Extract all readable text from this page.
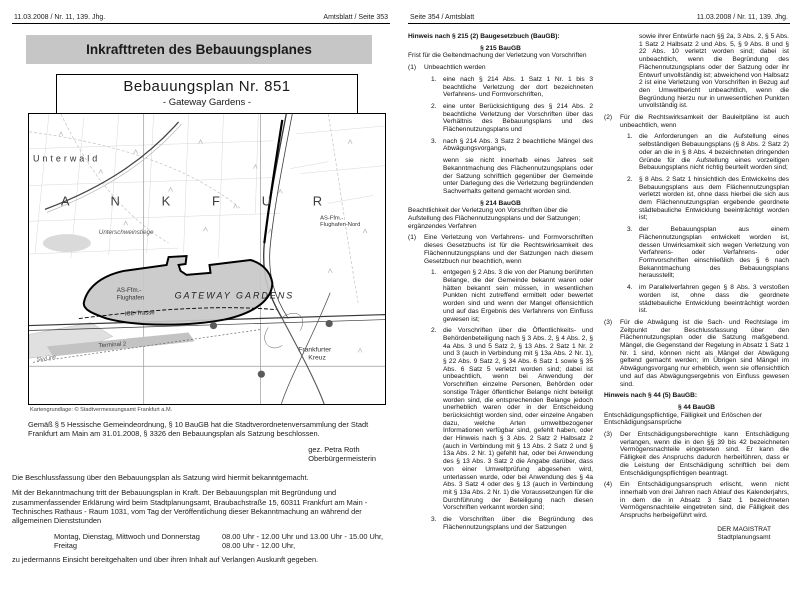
11.03.2008 / Nr. 11, 139. Jhg.	Amtsblatt / Seite 353
Inkrafttreten des Bebauungsplanes
Bebauungsplan Nr. 851
- Gateway Gardens -
Unterwald
A N K F U R
Unterschweinstiege
AS-Ffm.-
Flughafen-Nord
AS-Ffm.-
Flughafen	GATEWAY GARDENS
ICE-Trasse
Terminal 2
SkyLine
Frankfurter
Kreuz
Kartengrundlage: © Stadtvermessungsamt Frankfurt a.M.

Gemäß § 5 Hessische Gemeindeordnung, § 10 BauGB hat die Stadtverordnetenversammlung der Stadt Frankfurt am Main am 31.01.2008, § 3326 den Bebauungsplan als Satzung beschlossen.

gez. Petra Roth
Oberbürgermeisterin

Die Beschlussfassung über den Bebauungsplan als Satzung wird hiermit bekanntgemacht.

Mit der Bekanntmachung tritt der Bebauungsplan in Kraft. Der Bebauungsplan mit Begründung und zusammenfassender Erklärung wird beim Stadtplanungsamt, Braubachstraße 15, 60311 Frankfurt am Main - Technisches Rathaus - Raum 1031, vom Tag der Veröffentlichung dieser Bekanntmachung an während der allgemeinen Dienststunden

Montag, Dienstag, Mittwoch und Donnerstag	08.00 Uhr - 12.00 Uhr und 13.00 Uhr - 15.00 Uhr,
Freitag	08.00 Uhr - 12.00 Uhr,

zu jedermanns Einsicht bereitgehalten und über ihren Inhalt auf Verlangen Auskunft gegeben.

Seite 354 / Amtsblatt	11.03.2008 / Nr. 11, 139. Jhg.

Hinweis nach § 215 (2) Baugesetzbuch (BauGB):

§ 215 BauGB

Frist für die Geltendmachung der Verletzung von Vorschriften

(1)	Unbeachtlich werden
eine nach § 214 Abs. 1 Satz 1 Nr. 1 bis 3 beachtliche Verletzung der dort bezeichneten Verfahrens- und Formvorschriften,
eine unter Berücksichtigung des § 214 Abs. 2 beachtliche Verletzung der Vorschriften über das Verhältnis des Bebauungsplans und des Flächennutzungsplans und
nach § 214 Abs. 3 Satz 2 beachtliche Mängel des Abwägungsvorgangs,
wenn sie nicht innerhalb eines Jahres seit Bekanntmachung des Flächennutzungsplans oder der Satzung schriftlich gegenüber der Gemeinde unter Darlegung des die Verletzung begründenden Sachverhalts geltend gemacht worden sind.

§ 214 BauGB

Beachtlichkeit der Verletzung von Vorschriften über die Aufstellung des Flächennutzungsplans und der Satzungen; ergänzendes Verfahren

(1)	Eine Verletzung von Verfahrens- und Formvorschriften dieses Gesetzbuchs ist für die Rechtswirksamkeit des Flächennutzungsplans und der Satzungen nach diesem Gesetzbuch nur beachtlich, wenn
entgegen § 2 Abs. 3 die von der Planung berührten Belange, die der Gemeinde bekannt waren oder hätten bekannt sein müssen, in wesentlichen Punkten nicht zutreffend ermittelt oder bewertet worden sind und wenn der Mangel offensichtlich und auf das Ergebnis des Verfahrens von Einfluss gewesen ist;
die Vorschriften über die Öffentlichkeits- und Behördenbeteiligung nach § 3 Abs. 2, § 4 Abs. 2, § 4a Abs. 3 und 5 Satz 2, § 13 Abs. 2 Satz 1 Nr. 2 und 3 (auch in Verbindung mit § 13a Abs. 2 Nr. 1), § 22 Abs. 9 Satz 2, § 34 Abs. 6 Satz 1 sowie § 35 Abs. 6 Satz 5 verletzt worden sind; dabei ist unbeachtlich, wenn bei Anwendung der Vorschriften einzelne Personen, Behörden oder sonstige Träger öffentlicher Belange nicht beteiligt worden sind, die entsprechenden Belange jedoch unerheblich waren oder in der Entscheidung berücksichtigt worden sind, oder einzelne Angaben dazu, welche Arten umweltbezogener Informationen verfügbar sind, gefehlt haben, oder der Hinweis nach § 3 Abs. 2 Satz 2 Halbsatz 2 (auch in Verbindung mit § 13 Abs. 2 Satz 2 und § 13a Abs. 2 Nr. 1) gefehlt hat, oder bei Anwendung des § 13 Abs. 3 Satz 2 die Angabe darüber, dass von einer Umweltprüfung abgesehen wird, unterlassen wurde, oder bei Anwendung des § 4a Abs. 3 Satz 4 oder des § 13 (auch in Verbindung mit § 13a Abs. 2 Nr. 1) die Voraussetzungen für die Durchführung der Beteiligung nach diesen Vorschriften verkannt worden sind;
die Vorschriften über die Begründung des Flächennutzungsplans und der Satzungen
sowie ihrer Entwürfe nach §§ 2a, 3 Abs. 2, § 5 Abs. 1 Satz 2 Halbsatz 2 und Abs. 5, § 9 Abs. 8 und § 22 Abs. 10 verletzt worden sind; dabei ist unbeachtlich, wenn die Begründung des Flächennutzungsplans oder der Satzung oder ihr Entwurf unvollständig ist; abweichend von Halbsatz 2 ist eine Verletzung von Vorschriften in Bezug auf den Umweltbericht unbeachtlich, wenn die Begründung hierzu nur in unwesentlichen Punkten unvollständig ist.
(2)	Für die Rechtswirksamkeit der Bauleitpläne ist auch unbeachtlich, wenn
die Anforderungen an die Aufstellung eines selbständigen Bebauungsplans (§ 8 Abs. 2 Satz 2) oder an die in § 8 Abs. 4 bezeichneten dringenden Gründe für die Aufstellung eines vorzeitigen Bebauungsplans nicht richtig beurteilt worden sind;
§ 8 Abs. 2 Satz 1 hinsichtlich des Entwickelns des Bebauungsplans aus dem Flächennutzungsplan verletzt worden ist, ohne dass hierbei die sich aus dem Flächennutzungsplan ergebende geordnete städtebauliche Entwicklung beeinträchtigt worden ist;
der Bebauungsplan aus einem Flächennutzungsplan entwickelt worden ist, dessen Unwirksamkeit sich wegen Verletzung von Verfahrens- oder Verfahrens- oder Formvorschriften einschließlich des § 6 nach Bekanntmachung des Bebauungsplans herausstellt;
im Parallelverfahren gegen § 8 Abs. 3 verstoßen worden ist, ohne dass die geordnete städtebauliche Entwicklung beeinträchtigt worden ist.
(3)	Für die Abwägung ist die Sach- und Rechtslage im Zeitpunkt der Beschlussfassung über den Flächennutzungsplan oder die Satzung maßgebend. Mängel, die Gegenstand der Regelung in Absatz 1 Satz 1 Nr. 1 sind, können nicht als Mängel der Abwägung geltend gemacht werden; im Übrigen sind Mängel im Abwägungsvorgang nur erheblich, wenn sie offensichtlich und auf das Abwägungsergebnis von Einfluss gewesen sind.

Hinweis nach § 44 (5) BauGB:

§ 44 BauGB

Entschädigungspflichtige, Fälligkeit und Erlöschen der Entschädigungsansprüche

(3)	Der Entschädigungsberechtigte kann Entschädigung verlangen, wenn die in den §§ 39 bis 42 bezeichneten Vermögensnachteile eingetreten sind. Er kann die Fälligkeit des Anspruchs dadurch herbeiführen, dass er die Leistung der Entschädigung schriftlich bei dem Entschädigungspflichtigen beantragt.
(4)	Ein Entschädigungsanspruch erlischt, wenn nicht innerhalb von drei Jahren nach Ablauf des Kalenderjahrs, in dem die in Absatz 3 Satz 1 bezeichneten Vermögensnachteile eingetreten sind, die Fälligkeit des Anspruchs herbeigeführt wird.
DER MAGISTRAT
Stadtplanungsamt
